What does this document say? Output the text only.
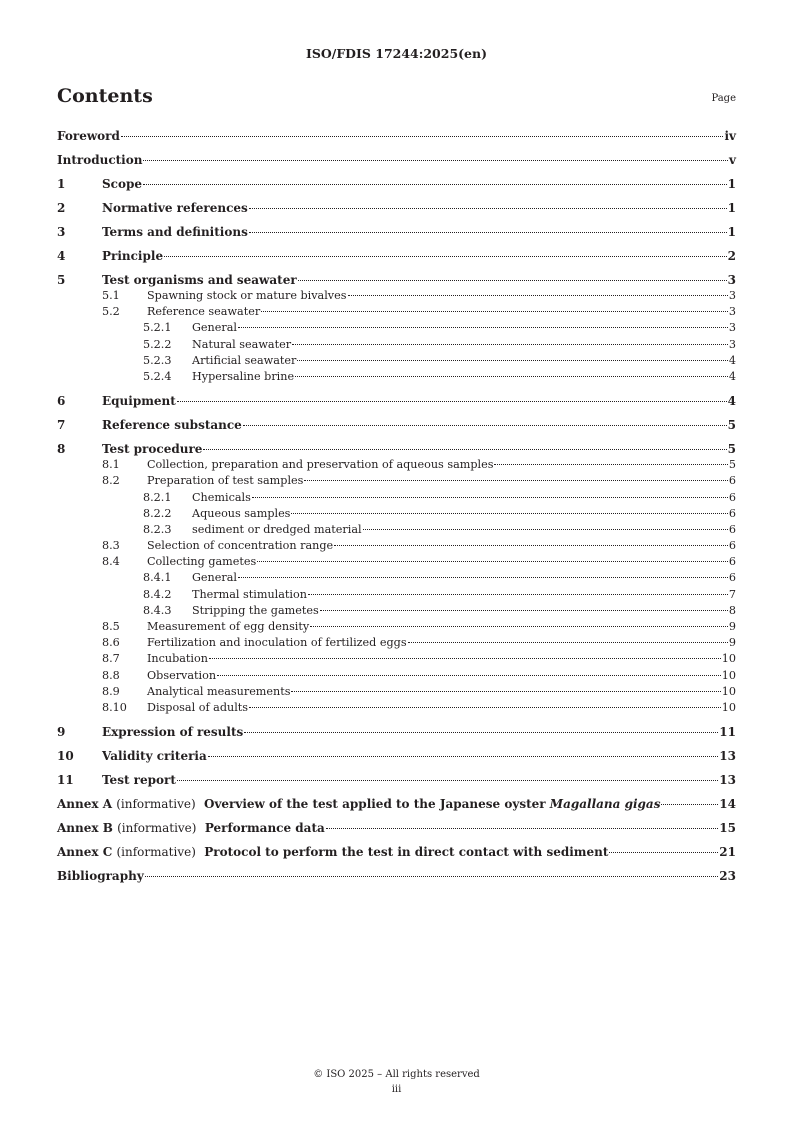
ISO/FDIS 17244:2025(en)
Contents	Page
Foreword	iv
Introduction	v
1	Scope	1
2	Normative references	1
3	Terms and definitions	1
4	Principle	2
5	Test organisms and seawater	3
5.1	Spawning stock or mature bivalves	3
5.2	Reference seawater	3
5.2.1	General	3
5.2.2	Natural seawater	3
5.2.3	Artificial seawater	4
5.2.4	Hypersaline brine	4
6	Equipment	4
7	Reference substance	5
8	Test procedure	5
8.1	Collection, preparation and preservation of aqueous samples	5
8.2	Preparation of test samples	6
8.2.1	Chemicals	6
8.2.2	Aqueous samples	6
8.2.3	sediment or dredged material	6
8.3	Selection of concentration range	6
8.4	Collecting gametes	6
8.4.1	General	6
8.4.2	Thermal stimulation	7
8.4.3	Stripping the gametes	8
8.5	Measurement of egg density	9
8.6	Fertilization and inoculation of fertilized eggs	9
8.7	Incubation	10
8.8	Observation	10
8.9	Analytical measurements	10
8.10	Disposal of adults	10
9	Expression of results	11
10	Validity criteria	13
11	Test report	13
Annex A (informative) Overview of the test applied to the Japanese oyster Magallana gigas	14
Annex B (informative) Performance data	15
Annex C (informative) Protocol to perform the test in direct contact with sediment	21
Bibliography	23
© ISO 2025 – All rights reserved
iii
